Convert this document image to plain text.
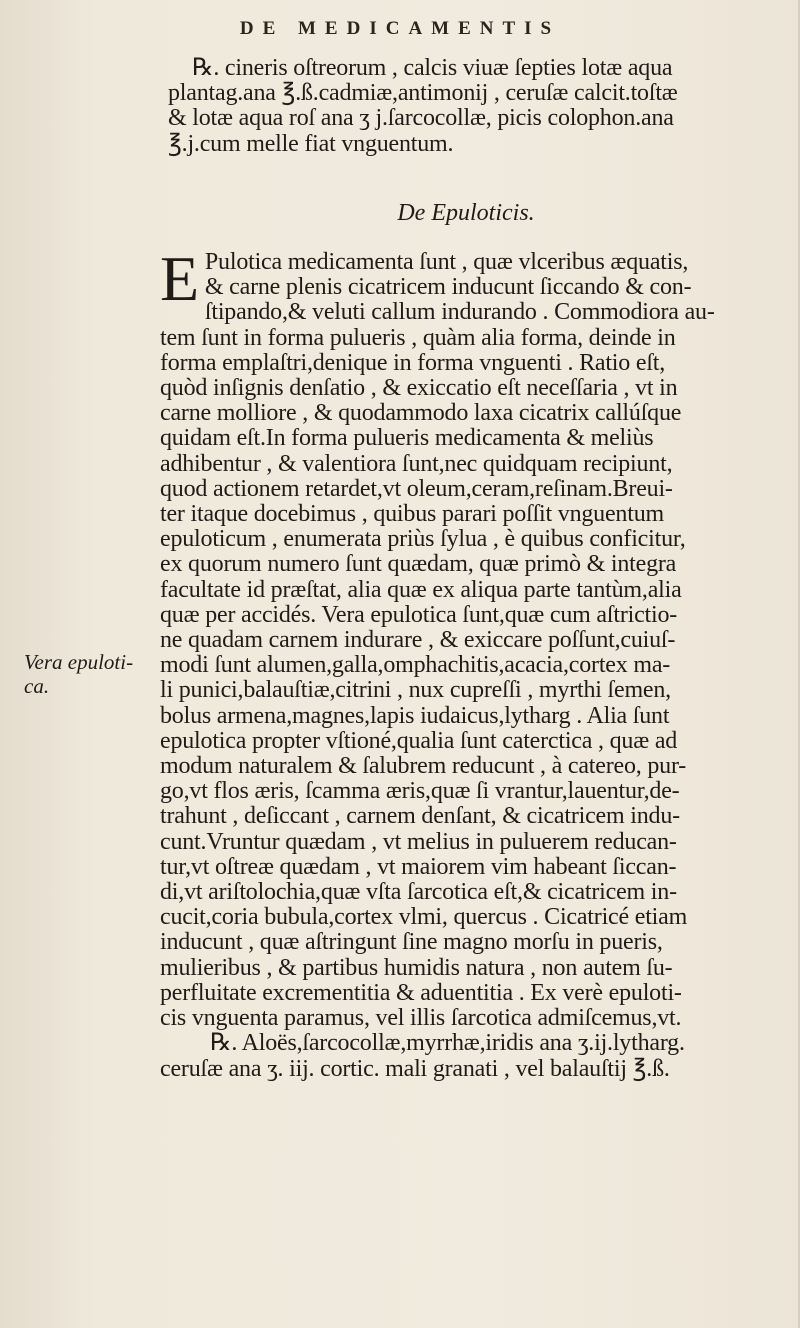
DE MEDICAMENTIS
℞. cineris oſtreorum , calcis viuæ ſepties lotæ aqua
plantag.ana ℥.ß.cadmiæ,antimonij , ceruſæ calcit.toſtæ
& lotæ aqua roſ ana ʒ j.ſarcocollæ, picis colophon.ana
℥.j.cum melle fiat vnguentum.
De Epuloticis.
E Puloticа medicamenta ſunt , quæ vlceribus æquatis,
& carne plenis cicatricem inducunt ſiccando & con-
ſtipando,& veluti callum indurando . Commodiora au-
tem ſunt in forma pulueris , quàm alia forma, deinde in
forma emplaſtri,denique in forma vnguenti . Ratio eſt,
quòd inſignis denſatio , & exiccatio eſt neceſſaria , vt in
carne molliore , & quodammodo laxa cicatrix callúſque
quidam eſt.In forma pulueris medicamenta & meliùs
adhibentur , & valentiora ſunt,nec quidquam recipiunt,
quod actionem retardet,vt oleum,ceram,reſinam.Breui-
ter itaque docebimus , quibus parari poſſit vnguentum
epuloticum , enumerata priùs ſylua , è quibus conficitur,
ex quorum numero ſunt quædam, quæ primò & integra
facultate id præſtat, alia quæ ex aliqua parte tantùm,alia
quæ per accidés. Vera epulotica ſunt,quæ cum aſtrictio-
ne quadam carnem indurare , & exiccare poſſunt,cuiuſ-
modi ſunt alumen,galla,omphachitis,acacia,cortex ma-
li punici,balauſtiæ,citrini , nux cupreſſi , myrthi ſemen,
bolus armena,magnes,lapis iudaicus,lytharg . Alia ſunt
epulotica propter vſtioné,qualia ſunt caterctica , quæ ad
modum naturalem & ſalubrem reducunt , à catereo, pur-
go,vt flos æris, ſcamma æris,quæ ſi vrantur,lauentur,de-
trahunt , deſiccant , carnem denſant, & cicatricem indu-
cunt.Vruntur quædam , vt melius in puluerem reducan-
tur,vt oſtreæ quædam , vt maiorem vim habeant ſiccan-
di,vt ariſtolochia,quæ vſta ſarcotica eſt,& cicatricem in-
cucit,coria bubula,cortex vlmi, quercus . Cicatricé etiam
inducunt , quæ aſtringunt ſine magno morſu in pueris,
mulieribus , & partibus humidis natura , non autem ſu-
perfluitate excrementitia & aduentitia . Ex verè epuloti-
cis vnguenta paramus, vel illis ſarcotica admiſcemus,vt.
℞. Aloës,ſarcocollæ,myrrhæ,iridis ana ʒ.ij.lytharg.
ceruſæ ana ʒ. iij. cortic. mali granati , vel balauſtij ℥.ß.
Vera epuloti-
ca.
